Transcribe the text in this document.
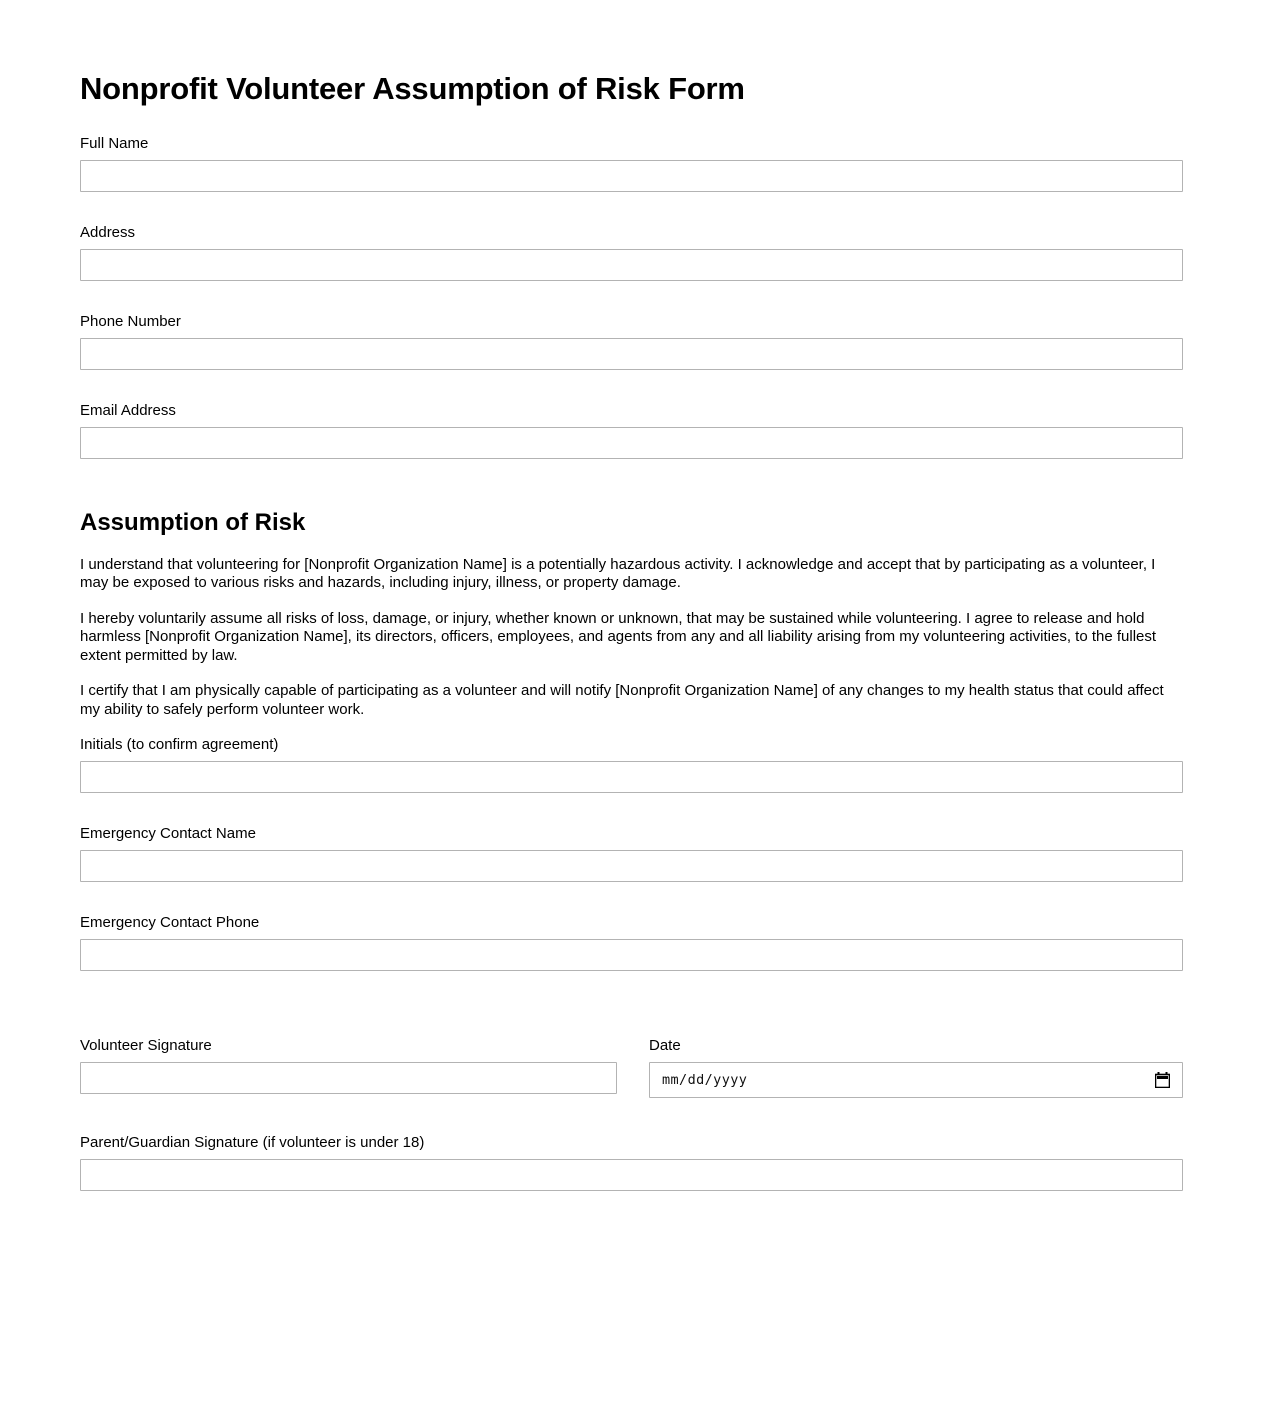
Nonprofit Volunteer Assumption of Risk Form
Full Name
Address
Phone Number
Email Address
Assumption of Risk

I understand that volunteering for [Nonprofit Organization Name] is a potentially hazardous activity. I acknowledge and accept that by participating as a volunteer, I may be exposed to various risks and hazards, including injury, illness, or property damage.

I hereby voluntarily assume all risks of loss, damage, or injury, whether known or unknown, that may be sustained while volunteering. I agree to release and hold harmless [Nonprofit Organization Name], its directors, officers, employees, and agents from any and all liability arising from my volunteering activities, to the fullest extent permitted by law.

I certify that I am physically capable of participating as a volunteer and will notify [Nonprofit Organization Name] of any changes to my health status that could affect my ability to safely perform volunteer work.

Initials (to confirm agreement)
Emergency Contact Name
Emergency Contact Phone
Volunteer Signature	Date
mm/dd/yyyy
Parent/Guardian Signature (if volunteer is under 18)
